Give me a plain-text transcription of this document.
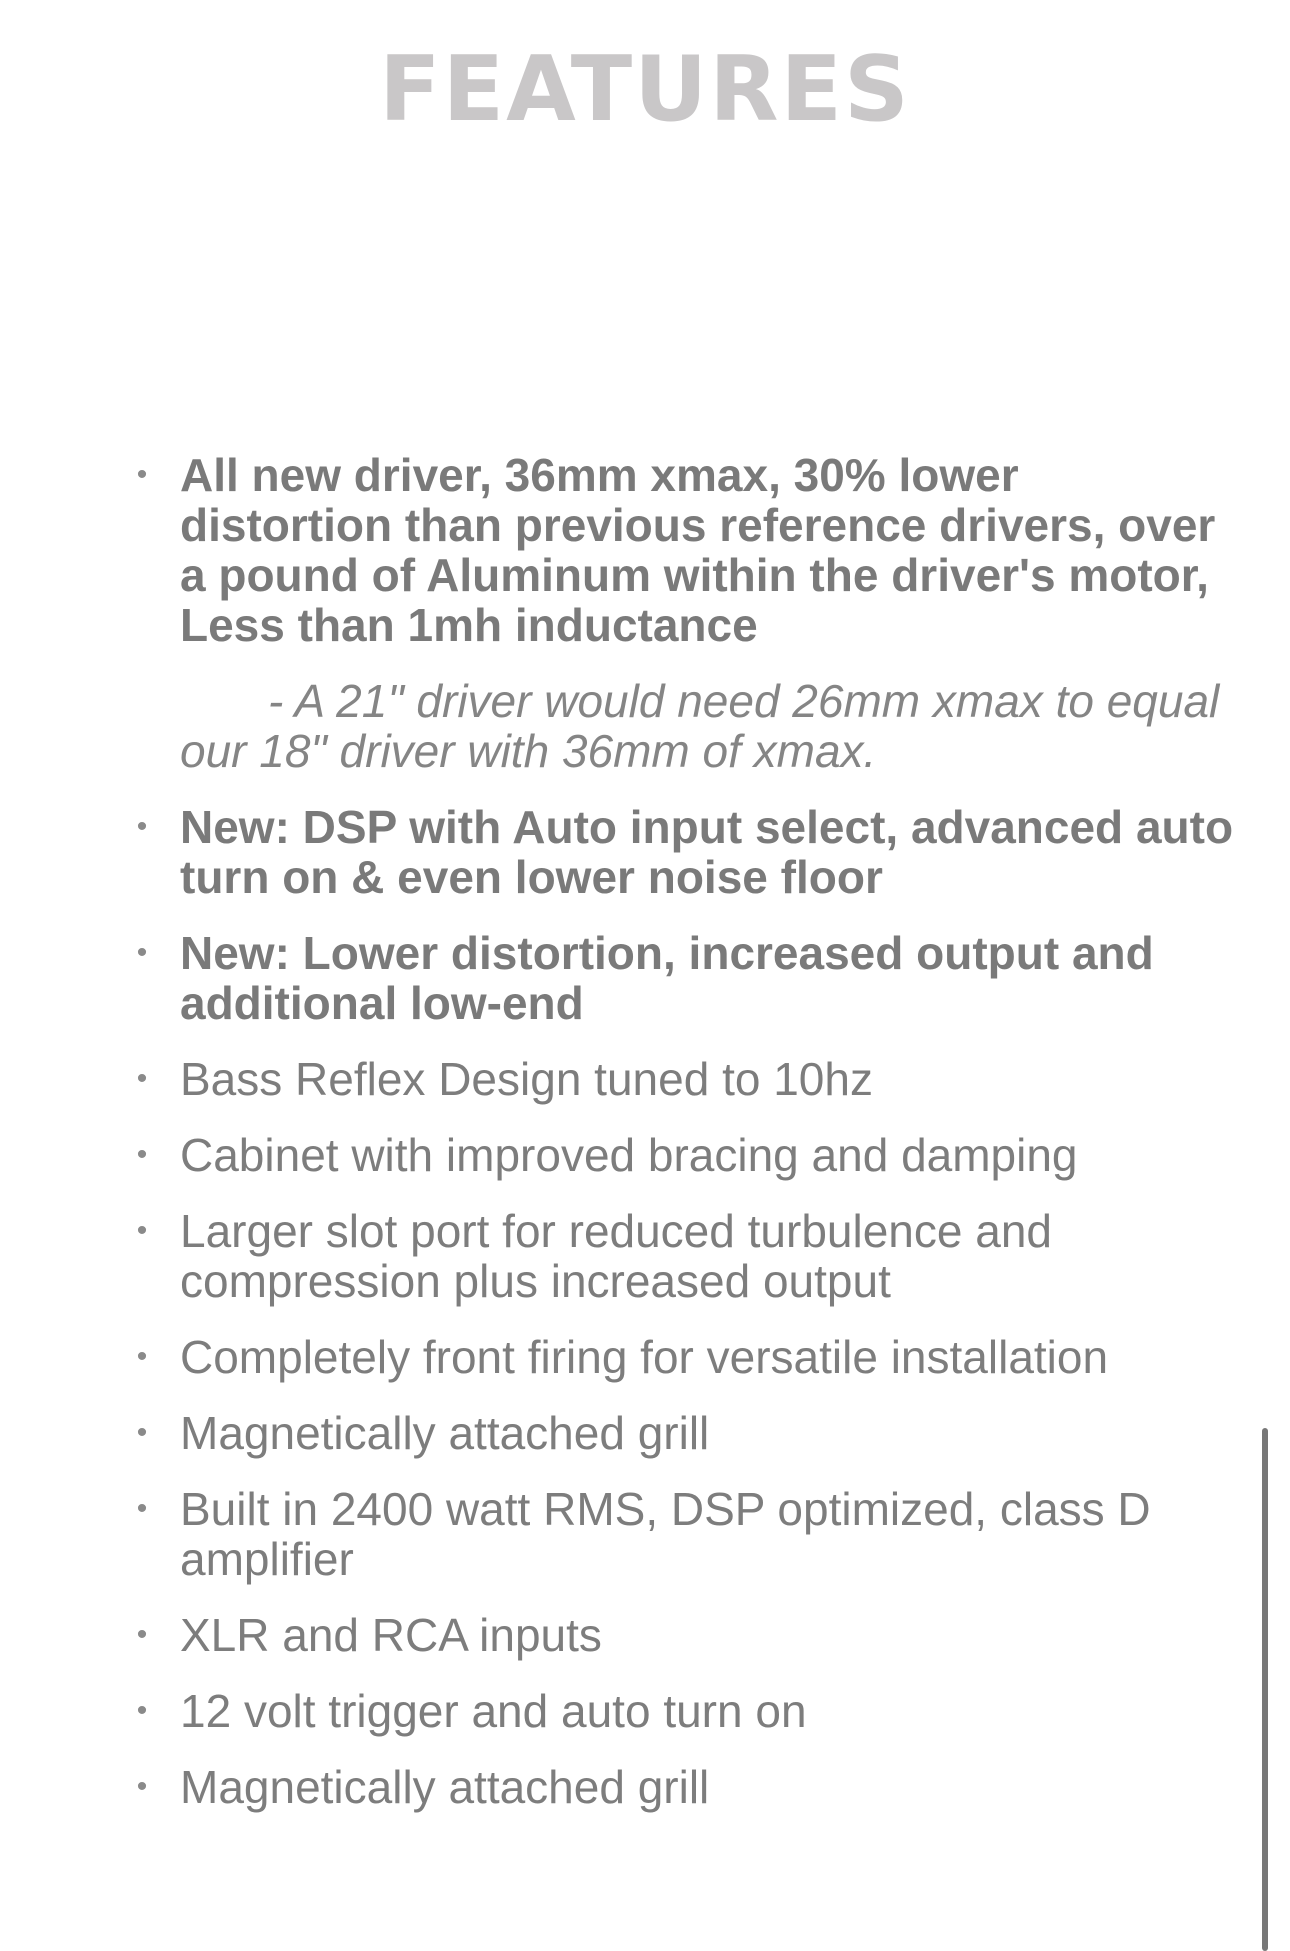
FEATURES
• All new driver, 36mm xmax, 30% lower distortion than previous reference drivers, over a pound of Aluminum within the driver's motor, Less than 1mh inductance
- A 21" driver would need 26mm xmax to equal our 18" driver with 36mm of xmax.
• New: DSP with Auto input select, advanced auto turn on & even lower noise floor
• New: Lower distortion, increased output and additional low-end
• Bass Reflex Design tuned to 10hz
• Cabinet with improved bracing and damping
• Larger slot port for reduced turbulence and compression plus increased output
• Completely front firing for versatile installation
• Magnetically attached grill
• Built in 2400 watt RMS, DSP optimized, class D amplifier
• XLR and RCA inputs
• 12 volt trigger and auto turn on
• Magnetically attached grill
